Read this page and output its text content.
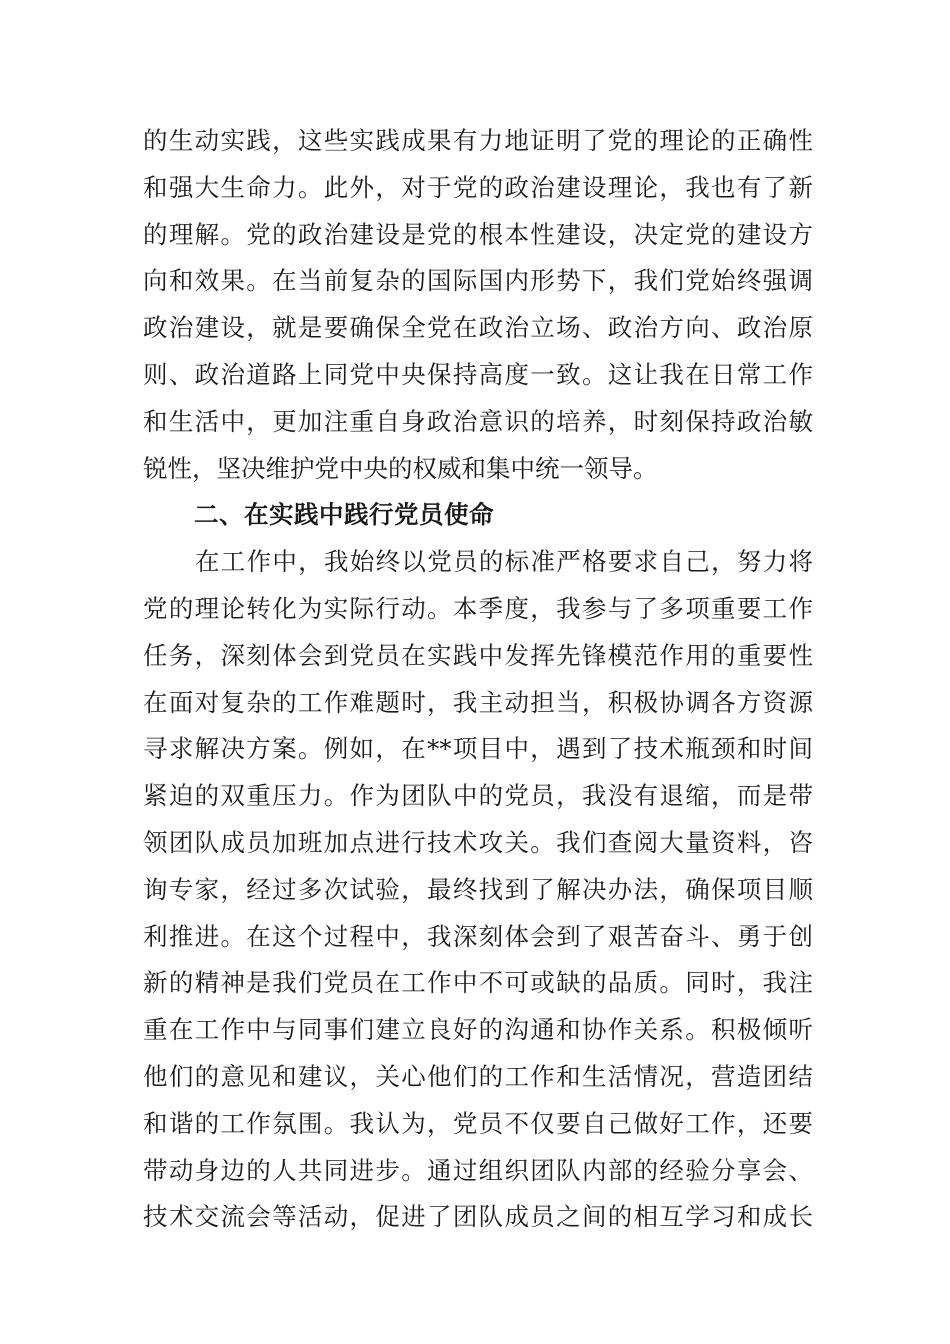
的生动实践，这些实践成果有力地证明了党的理论的正确性
和强大生命力。此外，对于党的政治建设理论，我也有了新
的理解。党的政治建设是党的根本性建设，决定党的建设方
向和效果。在当前复杂的国际国内形势下，我们党始终强调
政治建设，就是要确保全党在政治立场、政治方向、政治原
则、政治道路上同党中央保持高度一致。这让我在日常工作
和生活中，更加注重自身政治意识的培养，时刻保持政治敏
锐性，坚决维护党中央的权威和集中统一领导。
二、在实践中践行党员使命
在工作中，我始终以党员的标准严格要求自己，努力将
党的理论转化为实际行动。本季度，我参与了多项重要工作
任务，深刻体会到党员在实践中发挥先锋模范作用的重要性
在面对复杂的工作难题时，我主动担当，积极协调各方资源
寻求解决方案。例如，在**项目中，遇到了技术瓶颈和时间
紧迫的双重压力。作为团队中的党员，我没有退缩，而是带
领团队成员加班加点进行技术攻关。我们查阅大量资料，咨
询专家，经过多次试验，最终找到了解决办法，确保项目顺
利推进。在这个过程中，我深刻体会到了艰苦奋斗、勇于创
新的精神是我们党员在工作中不可或缺的品质。同时，我注
重在工作中与同事们建立良好的沟通和协作关系。积极倾听
他们的意见和建议，关心他们的工作和生活情况，营造团结
和谐的工作氛围。我认为，党员不仅要自己做好工作，还要
带动身边的人共同进步。通过组织团队内部的经验分享会、
技术交流会等活动，促进了团队成员之间的相互学习和成长
